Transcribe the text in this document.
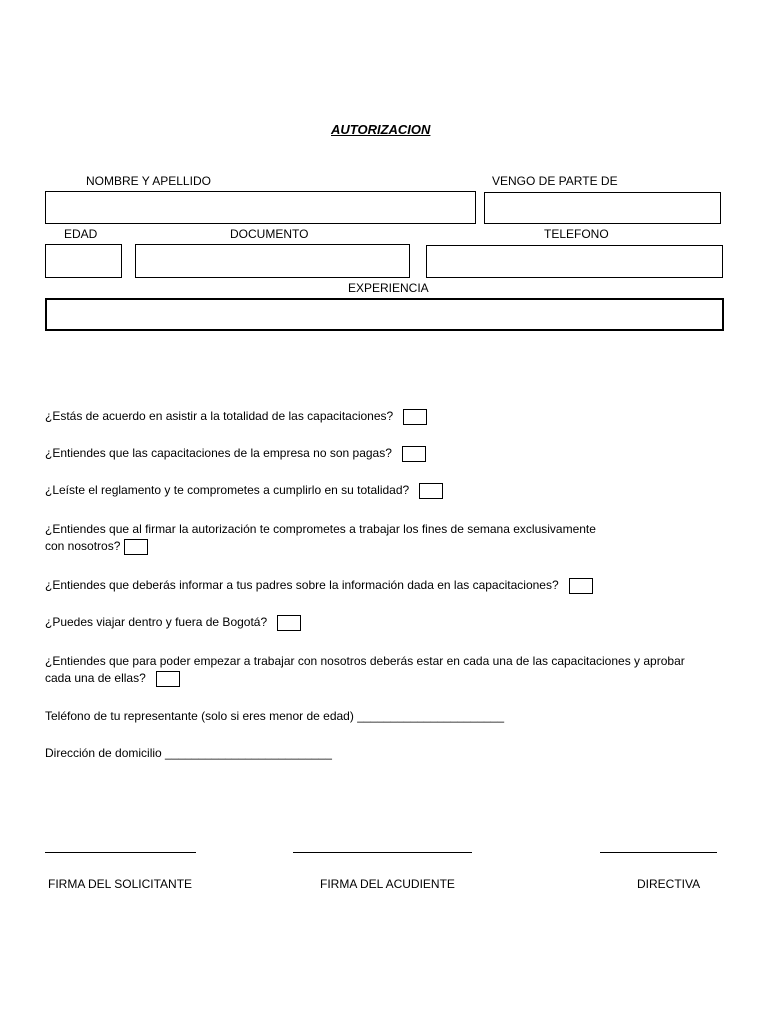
AUTORIZACION
NOMBRE Y APELLIDO	VENGO DE PARTE DE
EDAD	DOCUMENTO	TELEFONO
EXPERIENCIA
¿Estás de acuerdo en asistir a la totalidad de las capacitaciones?
¿Entiendes que las capacitaciones de la empresa no son pagas?
¿Leíste el reglamento y te comprometes a cumplirlo en su totalidad?
¿Entiendes que al firmar la autorización te comprometes a trabajar los fines de semana exclusivamente
con nosotros?
¿Entiendes que deberás informar a tus padres sobre la información dada en las capacitaciones?
¿Puedes viajar dentro y fuera de Bogotá?
¿Entiendes que para poder empezar a trabajar con nosotros deberás estar en cada una de las capacitaciones y aprobar
cada una de ellas?
Teléfono de tu representante (solo si eres menor de edad) ______________________
Dirección de domicilio _________________________
FIRMA DEL SOLICITANTE	FIRMA DEL ACUDIENTE	DIRECTIVA
